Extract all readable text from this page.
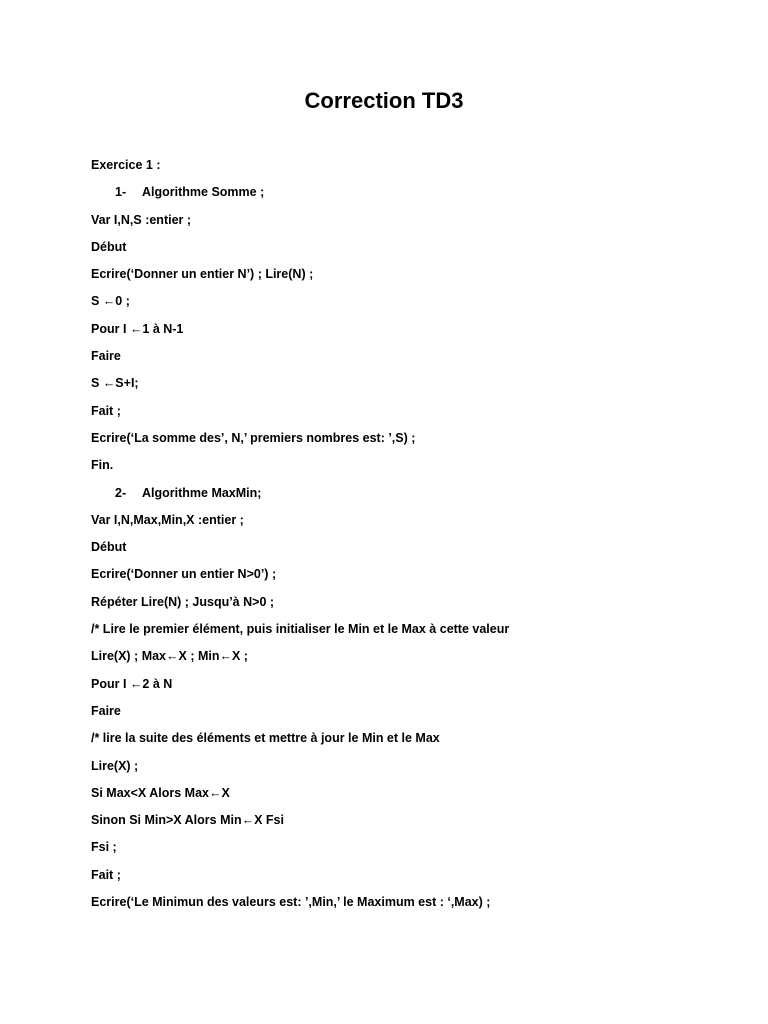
Correction TD3
Exercice 1 :
1- Algorithme Somme ;
Var I,N,S :entier ;
Début
Ecrire(‘Donner un entier N’) ; Lire(N) ;
S ←0 ;
Pour I ←1 à N-1
Faire
S ←S+I;
Fait ;
Ecrire(‘La somme des’, N,’ premiers nombres est: ’,S) ;
Fin.
2- Algorithme MaxMin;
Var I,N,Max,Min,X :entier ;
Début
Ecrire(‘Donner un entier N>0’) ;
Répéter Lire(N) ; Jusqu’à N>0 ;
/* Lire le premier élément, puis initialiser le Min et le Max à cette valeur
Lire(X) ; Max←X ; Min←X ;
Pour I ←2 à N
Faire
/* lire la suite des éléments et mettre à jour le Min et le Max
Lire(X) ;
Si Max<X Alors Max←X
Sinon Si Min>X Alors Min←X Fsi
Fsi ;
Fait ;
Ecrire(‘Le Minimun des valeurs est: ’,Min,’ le Maximum est : ‘,Max) ;
